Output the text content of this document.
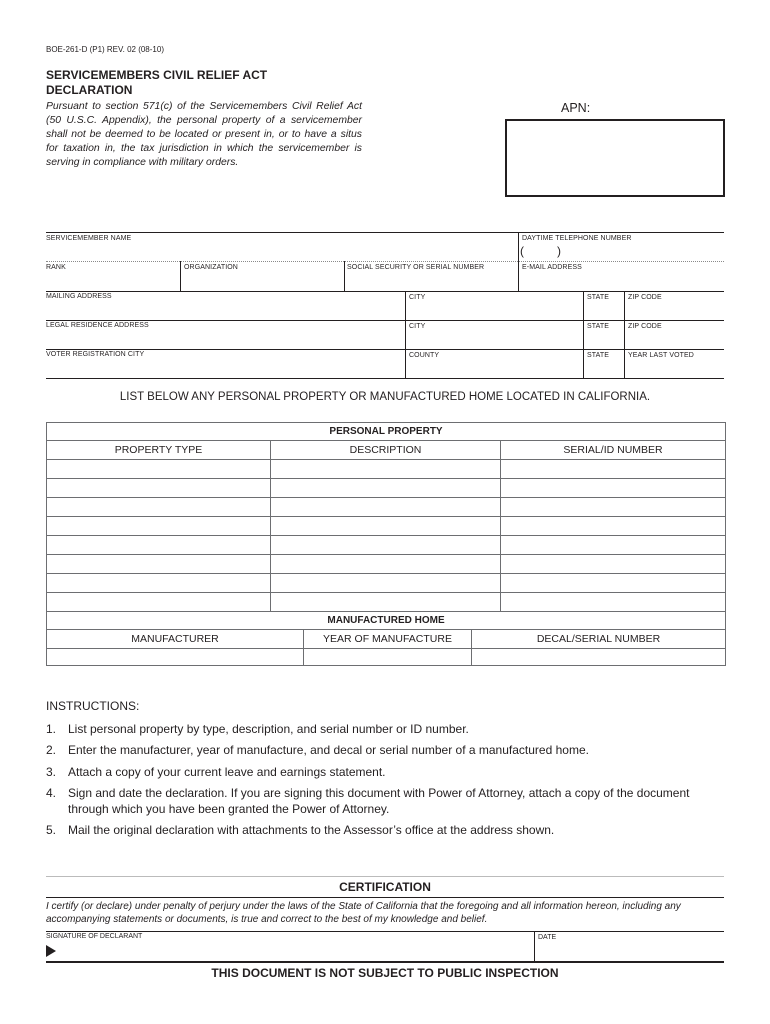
BOE-261-D (P1) REV. 02 (08-10)
SERVICEMEMBERS CIVIL RELIEF ACT
DECLARATION
Pursuant to section 571(c) of the Servicemembers Civil Relief Act (50 U.S.C. Appendix), the personal property of a servicemember shall not be deemed to be located or present in, or to have a situs for taxation in, the tax jurisdiction in which the servicemember is serving in compliance with military orders.
APN:
SERVICEMEMBER NAME	DAYTIME TELEPHONE NUMBER
(	)
RANK	ORGANIZATION	SOCIAL SECURITY OR SERIAL NUMBER	E-MAIL ADDRESS
MAILING ADDRESS	CITY	STATE	ZIP CODE
LEGAL RESIDENCE ADDRESS	CITY	STATE	ZIP CODE
VOTER REGISTRATION CITY	COUNTY	STATE	YEAR LAST VOTED
LIST BELOW ANY PERSONAL PROPERTY OR MANUFACTURED HOME LOCATED IN CALIFORNIA.
PERSONAL PROPERTY		
PROPERTY TYPE	DESCRIPTION	SERIAL/ID NUMBER

MANUFACTURED HOME		
MANUFACTURER	YEAR OF MANUFACTURE	DECAL/SERIAL NUMBER

INSTRUCTIONS:
1. List personal property by type, description, and serial number or ID number.
2. Enter the manufacturer, year of manufacture, and decal or serial number of a manufactured home.
3. Attach a copy of your current leave and earnings statement.
4. Sign and date the declaration. If you are signing this document with Power of Attorney, attach a copy of the document through which you have been granted the Power of Attorney.
5. Mail the original declaration with attachments to the Assessor’s office at the address shown.
CERTIFICATION
I certify (or declare) under penalty of perjury under the laws of the State of California that the foregoing and all information hereon, including any accompanying statements or documents, is true and correct to the best of my knowledge and belief.
SIGNATURE OF DECLARANT	DATE
THIS DOCUMENT IS NOT SUBJECT TO PUBLIC INSPECTION
